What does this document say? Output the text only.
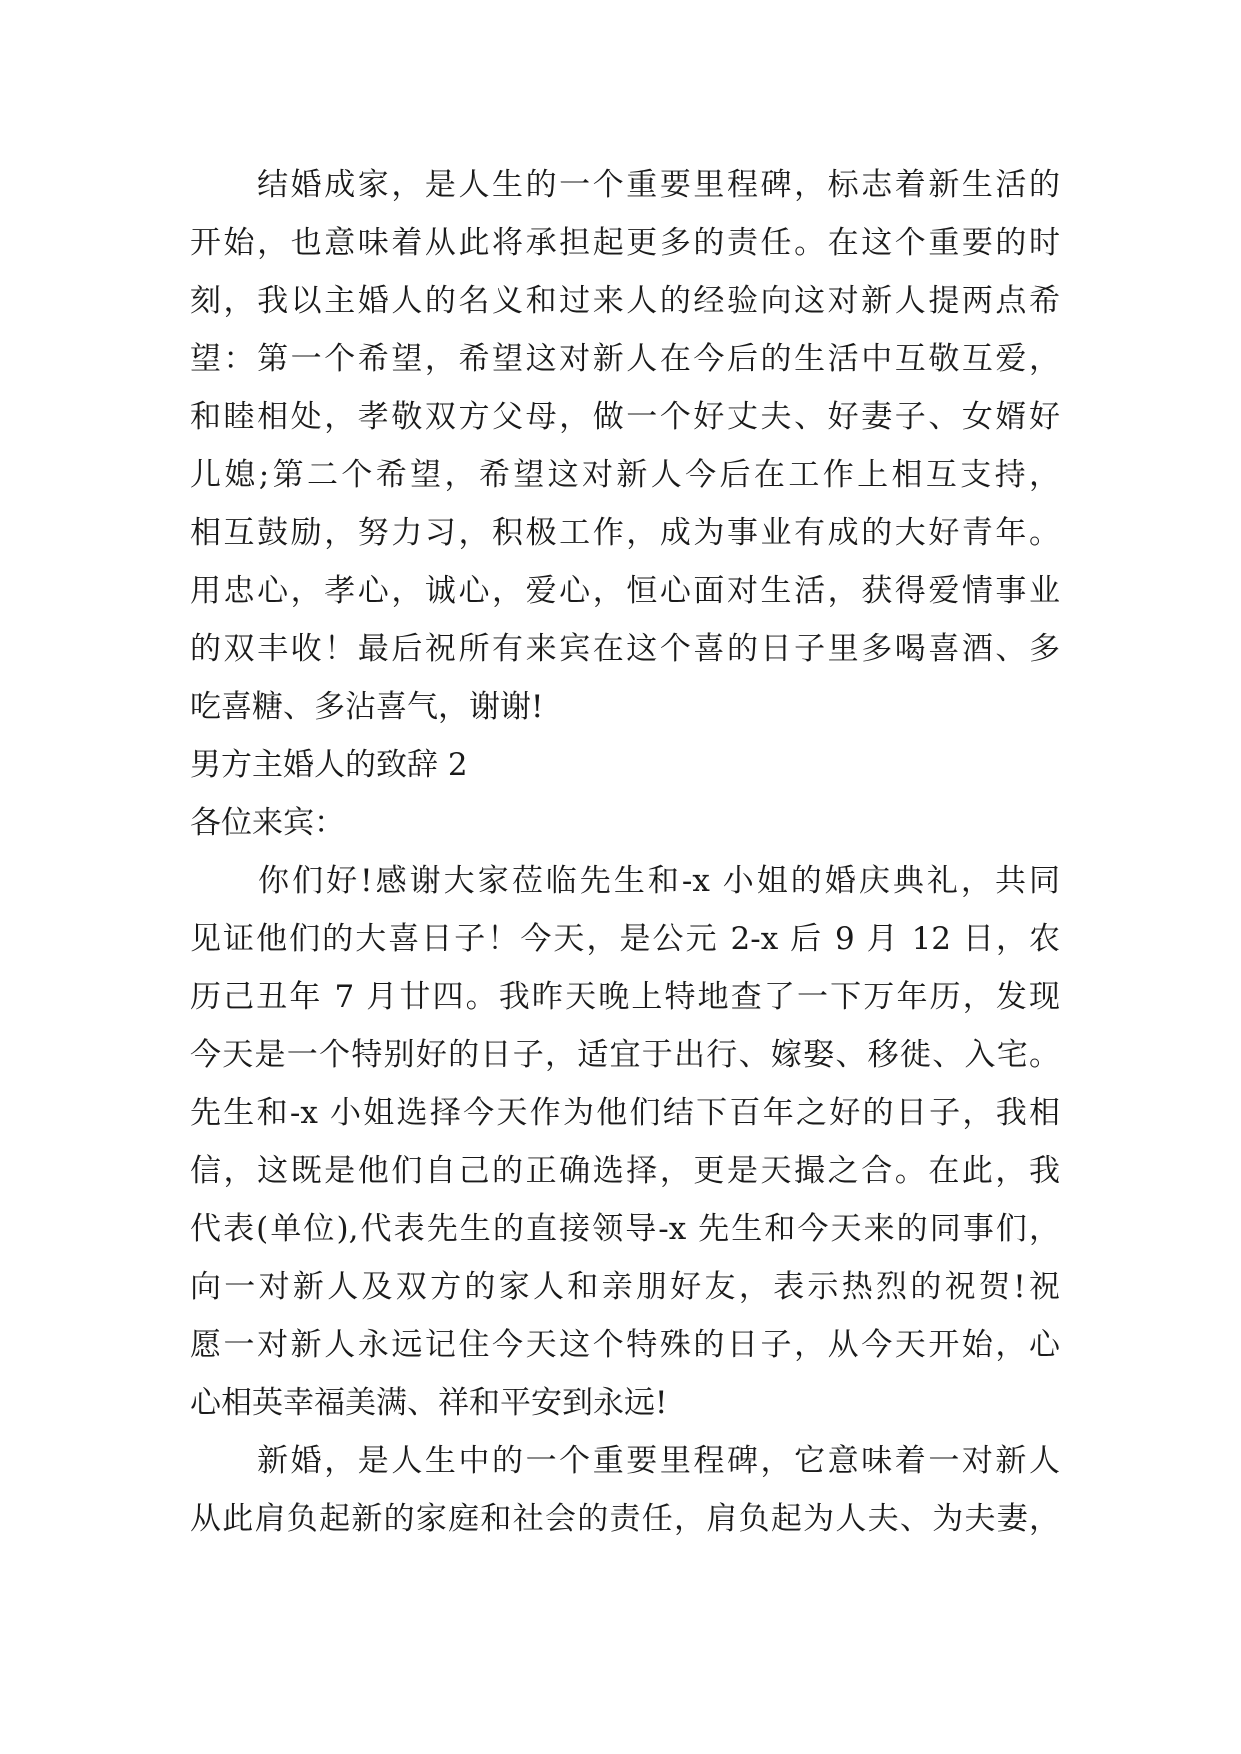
　　结婚成家，是人生的一个重要里程碑，标志着新生活的
开始，也意味着从此将承担起更多的责任。在这个重要的时
刻，我以主婚人的名义和过来人的经验向这对新人提两点希
望：第一个希望，希望这对新人在今后的生活中互敬互爱，
和睦相处，孝敬双方父母，做一个好丈夫、好妻子、女婿好
儿媳;第二个希望，希望这对新人今后在工作上相互支持，
相互鼓励，努力习，积极工作，成为事业有成的大好青年。
用忠心，孝心，诚心，爱心，恒心面对生活，获得爱情事业
的双丰收！最后祝所有来宾在这个喜的日子里多喝喜酒、多
吃喜糖、多沾喜气，谢谢!
男方主婚人的致辞 2
各位来宾：
　　你们好!感谢大家莅临先生和-x 小姐的婚庆典礼，共同
见证他们的大喜日子！今天，是公元 2-x 后 9 月 12 日，农
历己丑年 7 月廿四。我昨天晚上特地查了一下万年历，发现
今天是一个特别好的日子，适宜于出行、嫁娶、移徙、入宅。
先生和-x 小姐选择今天作为他们结下百年之好的日子，我相
信，这既是他们自己的正确选择，更是天撮之合。在此，我
代表(单位),代表先生的直接领导-x 先生和今天来的同事们，
向一对新人及双方的家人和亲朋好友，表示热烈的祝贺!祝
愿一对新人永远记住今天这个特殊的日子，从今天开始，心
心相英幸福美满、祥和平安到永远!
　　新婚，是人生中的一个重要里程碑，它意味着一对新人
从此肩负起新的家庭和社会的责任，肩负起为人夫、为夫妻，
